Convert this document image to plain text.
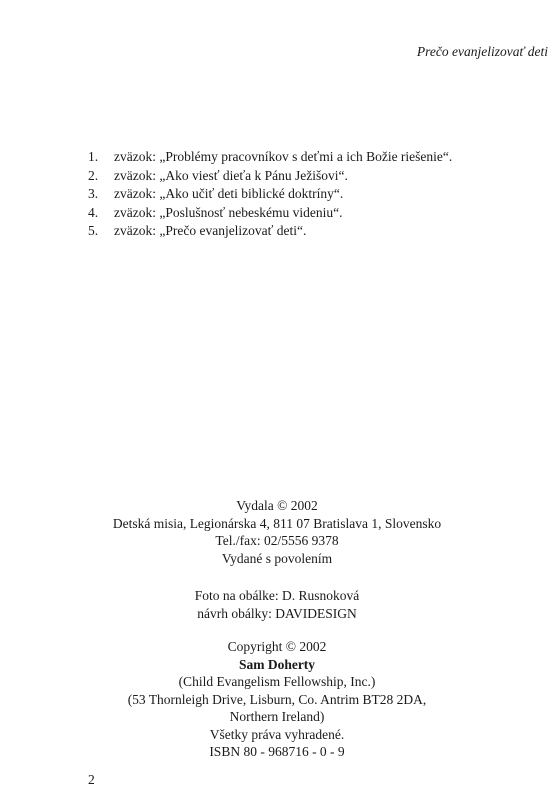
Prečo evanjelizovať deti
1.	zväzok: „Problémy pracovníkov s deťmi a ich Božie riešenie“.
2.	zväzok: „Ako viesť dieťa k Pánu Ježišovi“.
3.	zväzok: „Ako učiť deti biblické doktríny“.
4.	zväzok: „Poslušnosť nebeskému videniu“.
5.	zväzok: „Prečo evanjelizovať deti“.

Vydala © 2002

Detská misia, Legionárska 4, 811 07 Bratislava 1, Slovensko

Tel./fax: 02/5556 9378

Vydané s povolením

Foto na obálke: D. Rusnoková

návrh obálky: DAVIDESIGN

Copyright © 2002

Sam Doherty

(Child Evangelism Fellowship, Inc.)

(53 Thornleigh Drive, Lisburn, Co. Antrim BT28 2DA,

Northern Ireland)

Všetky práva vyhradené.

ISBN 80 - 968716 - 0 - 9

2
